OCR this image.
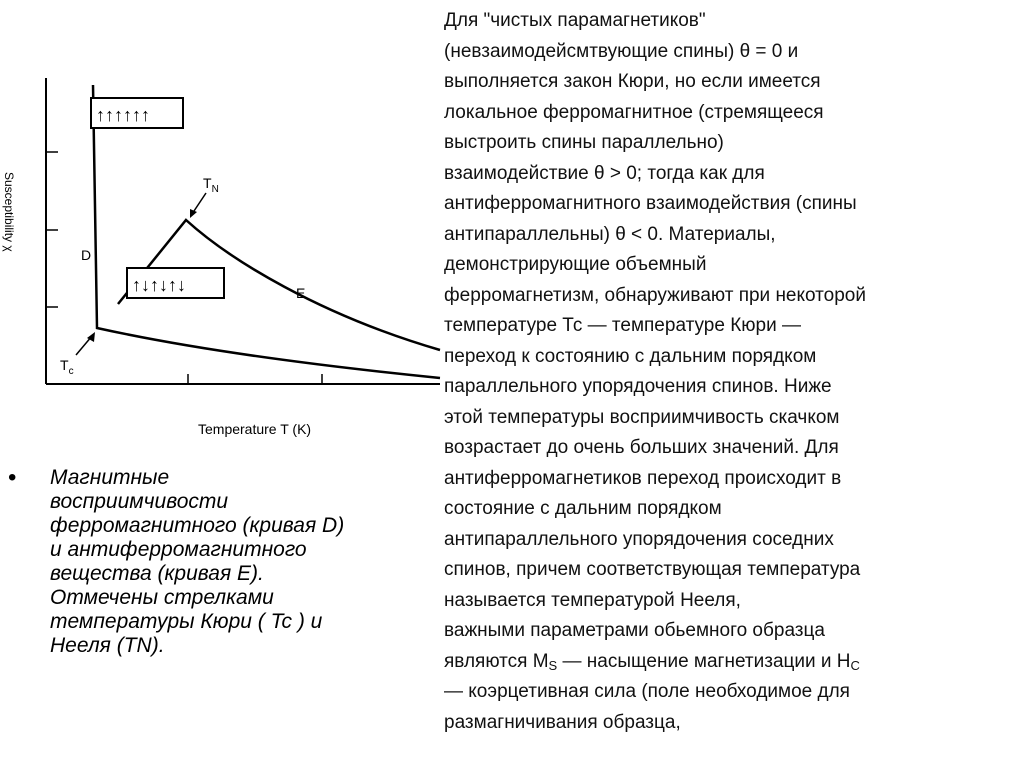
↑↑↑↑↑↑
↑↓↑↓↑↓
$T_N$
$T_c$
D
E
Temperature T (K)
Susceptibility χ
• Магнитные
восприимчивости
ферромагнитного (кривая D)
и антиферромагнитного
вещества (кривая E).
Отмечены стрелками
температуры Кюри ( Tc ) и
Нееля (TN).

Для "чистых парамагнетиков"
(невзаимодейсмтвующие спины) θ = 0 и
выполняется закон Кюри, но если имеется
локальное ферромагнитное (стремящееся
выстроить спины параллельно)
взаимодействие θ > 0; тогда как для
антиферромагнитного взаимодействия (спины
антипараллельны) θ < 0. Материалы,
демонстрирующие объемный
ферромагнетизм, обнаруживают при некоторой
температуре Тс — температуре Кюри —
переход к состоянию с дальним порядком
параллельного упорядочения спинов. Ниже
этой температуры восприимчивость скачком
возрастает до очень больших значений. Для
антиферромагнетиков переход происходит в
состояние с дальним порядком
антипараллельного упорядочения соседних
спинов, причем соответствующая температура
называется температурой Нееля,
важными параметрами обьемного образца
являются $M_S$ — насыщение магнетизации и $H_C$
— коэрцетивная сила (поле необходимое для
размагничивания образца,
